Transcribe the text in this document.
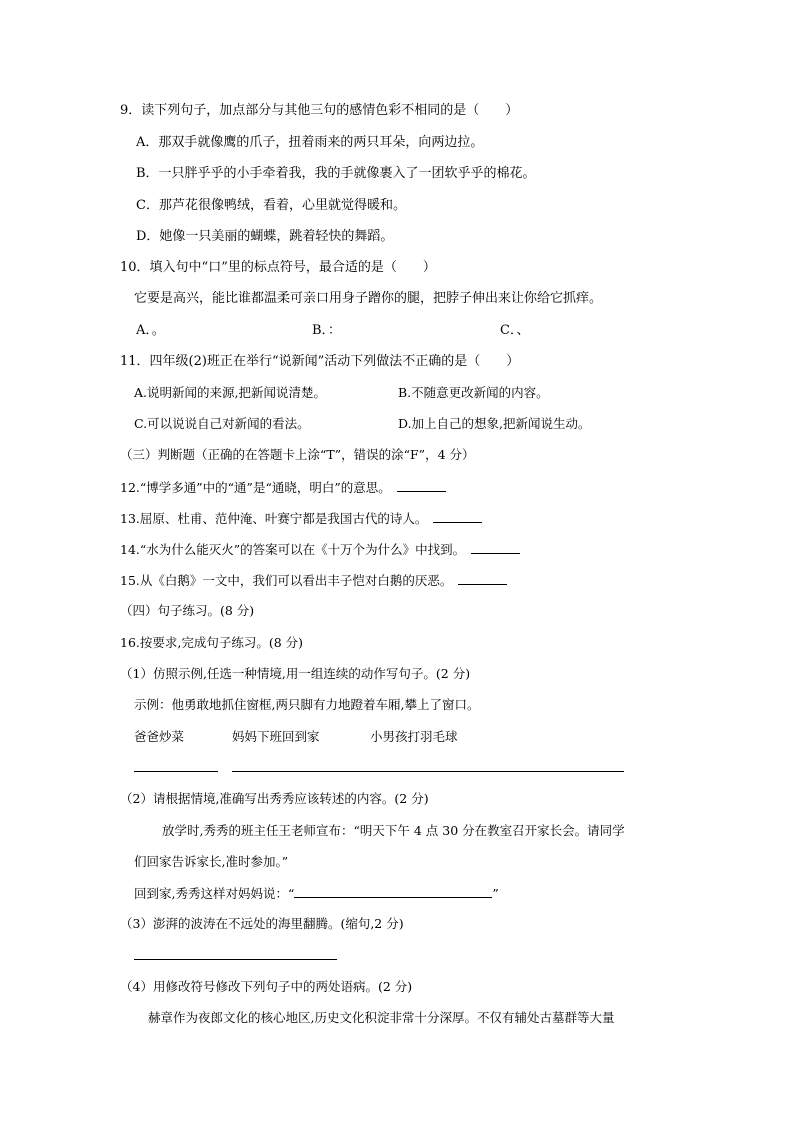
9．读下列句子，加点部分与其他三句的感情色彩不相同的是（　　）

A．那双手就像鹰的爪子，扭着雨来的两只耳朵，向两边拉。

B．一只胖乎乎的小手牵着我，我的手就像裹入了一团软乎乎的棉花。

C．那芦花很像鸭绒，看着，心里就觉得暖和。

D．她像一只美丽的蝴蝶，跳着轻快的舞蹈。

10．填入句中“口”里的标点符号，最合适的是（　　）

它要是高兴，能比谁都温柔可亲口用身子蹭你的腿，把脖子伸出来让你给它抓痒。

A．。	B．：	C．、

11．四年级(2)班正在举行“说新闻”活动下列做法不正确的是（　　）

A.说明新闻的来源,把新闻说清楚。	B.不随意更改新闻的内容。

C.可以说说自己对新闻的看法。	D.加上自己的想象,把新闻说生动。

（三）判断题（正确的在答题卡上涂“T”，错误的涂“F”，4 分）

12.“博学多通”中的“通”是“通晓，明白”的意思。

13.屈原、杜甫、范仲淹、叶赛宁都是我国古代的诗人。

14.“水为什么能灭火”的答案可以在《十万个为什么》中找到。

15.从《白鹅》一文中，我们可以看出丰子恺对白鹅的厌恶。

（四）句子练习。(8 分)

16.按要求,完成句子练习。(8 分)

（1）仿照示例,任选一种情境,用一组连续的动作写句子。(2 分)

示例：他勇敢地抓住窗框,两只脚有力地蹬着车厢,攀上了窗口。

爸爸炒菜	妈妈下班回到家	小男孩打羽毛球

（2）请根据情境,准确写出秀秀应该转述的内容。(2 分)

放学时,秀秀的班主任王老师宣布：“明天下午 4 点 30 分在教室召开家长会。请同学

们回家告诉家长,准时参加。”

回到家,秀秀这样对妈妈说：“	”

（3）澎湃的波涛在不远处的海里翻腾。(缩句,2 分)

（4）用修改符号修改下列句子中的两处语病。(2 分)

赫章作为夜郎文化的核心地区,历史文化积淀非常十分深厚。不仅有辅处古墓群等大量
